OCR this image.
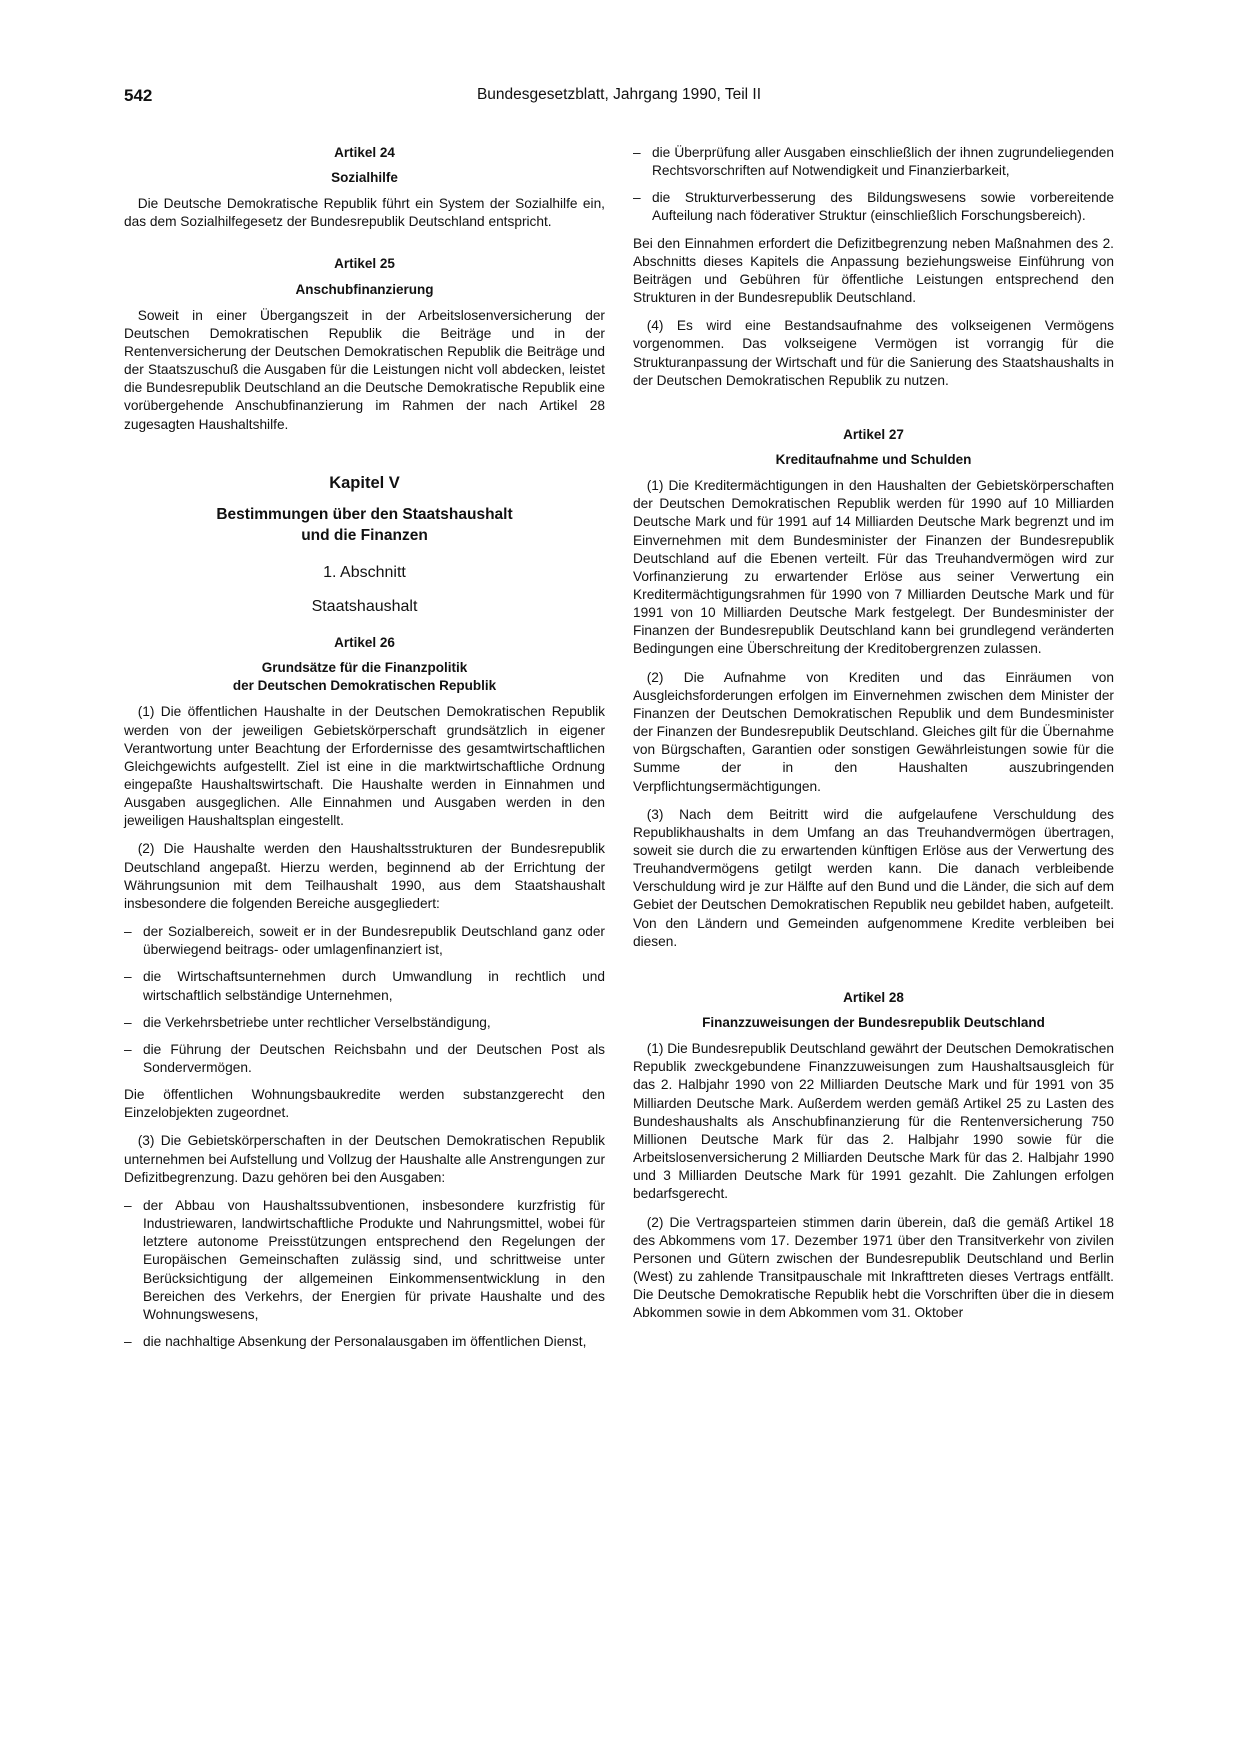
542	Bundesgesetzblatt, Jahrgang 1990, Teil II
Artikel 24
Sozialhilfe

Die Deutsche Demokratische Republik führt ein System der Sozialhilfe ein, das dem Sozialhilfegesetz der Bundesrepublik Deutschland entspricht.

Artikel 25
Anschubfinanzierung

Soweit in einer Übergangszeit in der Arbeitslosenversicherung der Deutschen Demokratischen Republik die Beiträge und in der Rentenversicherung der Deutschen Demokratischen Republik die Beiträge und der Staatszuschuß die Ausgaben für die Leistungen nicht voll abdecken, leistet die Bundesrepublik Deutschland an die Deutsche Demokratische Republik eine vorübergehende Anschubfinanzierung im Rahmen der nach Artikel 28 zugesagten Haushaltshilfe.

Kapitel V
Bestimmungen über den Staatshaushalt
und die Finanzen
1. Abschnitt
Staatshaushalt
Artikel 26
Grundsätze für die Finanzpolitik
der Deutschen Demokratischen Republik

(1) Die öffentlichen Haushalte in der Deutschen Demokratischen Republik werden von der jeweiligen Gebietskörperschaft grundsätzlich in eigener Verantwortung unter Beachtung der Erfordernisse des gesamtwirtschaftlichen Gleichgewichts aufgestellt. Ziel ist eine in die marktwirtschaftliche Ordnung eingepaßte Haushaltswirtschaft. Die Haushalte werden in Einnahmen und Ausgaben ausgeglichen. Alle Einnahmen und Ausgaben werden in den jeweiligen Haushaltsplan eingestellt.

(2) Die Haushalte werden den Haushaltsstrukturen der Bundesrepublik Deutschland angepaßt. Hierzu werden, beginnend ab der Errichtung der Währungsunion mit dem Teilhaushalt 1990, aus dem Staatshaushalt insbesondere die folgenden Bereiche ausgegliedert:

– der Sozialbereich, soweit er in der Bundesrepublik Deutschland ganz oder überwiegend beitrags- oder umlagenfinanziert ist,
– die Wirtschaftsunternehmen durch Umwandlung in rechtlich und wirtschaftlich selbständige Unternehmen,
– die Verkehrsbetriebe unter rechtlicher Verselbständigung,
– die Führung der Deutschen Reichsbahn und der Deutschen Post als Sondervermögen.

Die öffentlichen Wohnungsbaukredite werden substanzgerecht den Einzelobjekten zugeordnet.

(3) Die Gebietskörperschaften in der Deutschen Demokratischen Republik unternehmen bei Aufstellung und Vollzug der Haushalte alle Anstrengungen zur Defizitbegrenzung. Dazu gehören bei den Ausgaben:

– der Abbau von Haushaltssubventionen, insbesondere kurzfristig für Industriewaren, landwirtschaftliche Produkte und Nahrungsmittel, wobei für letztere autonome Preisstützungen entsprechend den Regelungen der Europäischen Gemeinschaften zulässig sind, und schrittweise unter Berücksichtigung der allgemeinen Einkommensentwicklung in den Bereichen des Verkehrs, der Energien für private Haushalte und des Wohnungswesens,
– die nachhaltige Absenkung der Personalausgaben im öffentlichen Dienst,
– die Überprüfung aller Ausgaben einschließlich der ihnen zugrundeliegenden Rechtsvorschriften auf Notwendigkeit und Finanzierbarkeit,
– die Strukturverbesserung des Bildungswesens sowie vorbereitende Aufteilung nach föderativer Struktur (einschließlich Forschungsbereich).

Bei den Einnahmen erfordert die Defizitbegrenzung neben Maßnahmen des 2. Abschnitts dieses Kapitels die Anpassung beziehungsweise Einführung von Beiträgen und Gebühren für öffentliche Leistungen entsprechend den Strukturen in der Bundesrepublik Deutschland.

(4) Es wird eine Bestandsaufnahme des volkseigenen Vermögens vorgenommen. Das volkseigene Vermögen ist vorrangig für die Strukturanpassung der Wirtschaft und für die Sanierung des Staatshaushalts in der Deutschen Demokratischen Republik zu nutzen.

Artikel 27
Kreditaufnahme und Schulden

(1) Die Kreditermächtigungen in den Haushalten der Gebietskörperschaften der Deutschen Demokratischen Republik werden für 1990 auf 10 Milliarden Deutsche Mark und für 1991 auf 14 Milliarden Deutsche Mark begrenzt und im Einvernehmen mit dem Bundesminister der Finanzen der Bundesrepublik Deutschland auf die Ebenen verteilt. Für das Treuhandvermögen wird zur Vorfinanzierung zu erwartender Erlöse aus seiner Verwertung ein Kreditermächtigungsrahmen für 1990 von 7 Milliarden Deutsche Mark und für 1991 von 10 Milliarden Deutsche Mark festgelegt. Der Bundesminister der Finanzen der Bundesrepublik Deutschland kann bei grundlegend veränderten Bedingungen eine Überschreitung der Kreditobergrenzen zulassen.

(2) Die Aufnahme von Krediten und das Einräumen von Ausgleichsforderungen erfolgen im Einvernehmen zwischen dem Minister der Finanzen der Deutschen Demokratischen Republik und dem Bundesminister der Finanzen der Bundesrepublik Deutschland. Gleiches gilt für die Übernahme von Bürgschaften, Garantien oder sonstigen Gewährleistungen sowie für die Summe der in den Haushalten auszubringenden Verpflichtungsermächtigungen.

(3) Nach dem Beitritt wird die aufgelaufene Verschuldung des Republikhaushalts in dem Umfang an das Treuhandvermögen übertragen, soweit sie durch die zu erwartenden künftigen Erlöse aus der Verwertung des Treuhandvermögens getilgt werden kann. Die danach verbleibende Verschuldung wird je zur Hälfte auf den Bund und die Länder, die sich auf dem Gebiet der Deutschen Demokratischen Republik neu gebildet haben, aufgeteilt. Von den Ländern und Gemeinden aufgenommene Kredite verbleiben bei diesen.

Artikel 28
Finanzzuweisungen der Bundesrepublik Deutschland

(1) Die Bundesrepublik Deutschland gewährt der Deutschen Demokratischen Republik zweckgebundene Finanzzuweisungen zum Haushaltsausgleich für das 2. Halbjahr 1990 von 22 Milliarden Deutsche Mark und für 1991 von 35 Milliarden Deutsche Mark. Außerdem werden gemäß Artikel 25 zu Lasten des Bundeshaushalts als Anschubfinanzierung für die Rentenversicherung 750 Millionen Deutsche Mark für das 2. Halbjahr 1990 sowie für die Arbeitslosenversicherung 2 Milliarden Deutsche Mark für das 2. Halbjahr 1990 und 3 Milliarden Deutsche Mark für 1991 gezahlt. Die Zahlungen erfolgen bedarfsgerecht.

(2) Die Vertragsparteien stimmen darin überein, daß die gemäß Artikel 18 des Abkommens vom 17. Dezember 1971 über den Transitverkehr von zivilen Personen und Gütern zwischen der Bundesrepublik Deutschland und Berlin (West) zu zahlende Transitpauschale mit Inkrafttreten dieses Vertrags entfällt. Die Deutsche Demokratische Republik hebt die Vorschriften über die in diesem Abkommen sowie in dem Abkommen vom 31. Oktober
